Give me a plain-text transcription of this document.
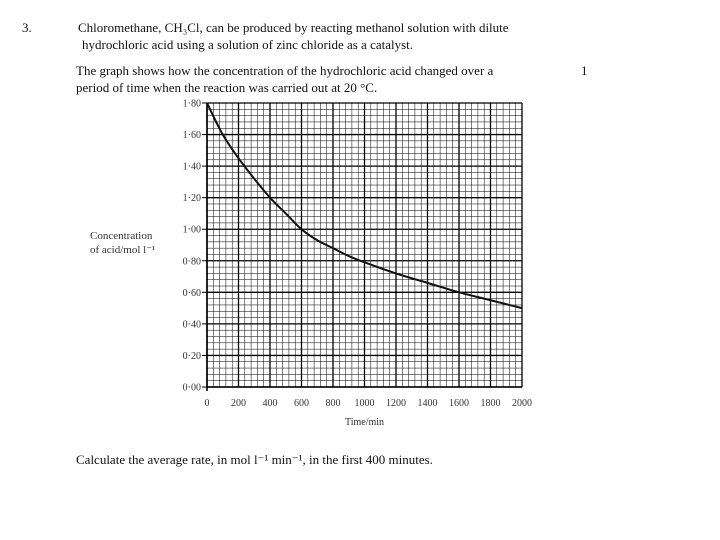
3.	Chloromethane, CH₃Cl, can be produced by reacting methanol solution with dilute
hydrochloric acid using a solution of zinc chloride as a catalyst.
The graph shows how the concentration of the hydrochloric acid changed over a
period of time when the reaction was carried out at 20 °C.
1
0·00
0·20
0·40
0·60
0·80
1·00
1·20
1·40
1·60
1·80
0 200 400 600 800 1000 1200 1400 1600 1800 2000
Time/min
Concentration
of acid/mol l⁻¹
Calculate the average rate, in mol l⁻¹ min⁻¹, in the first 400 minutes.
